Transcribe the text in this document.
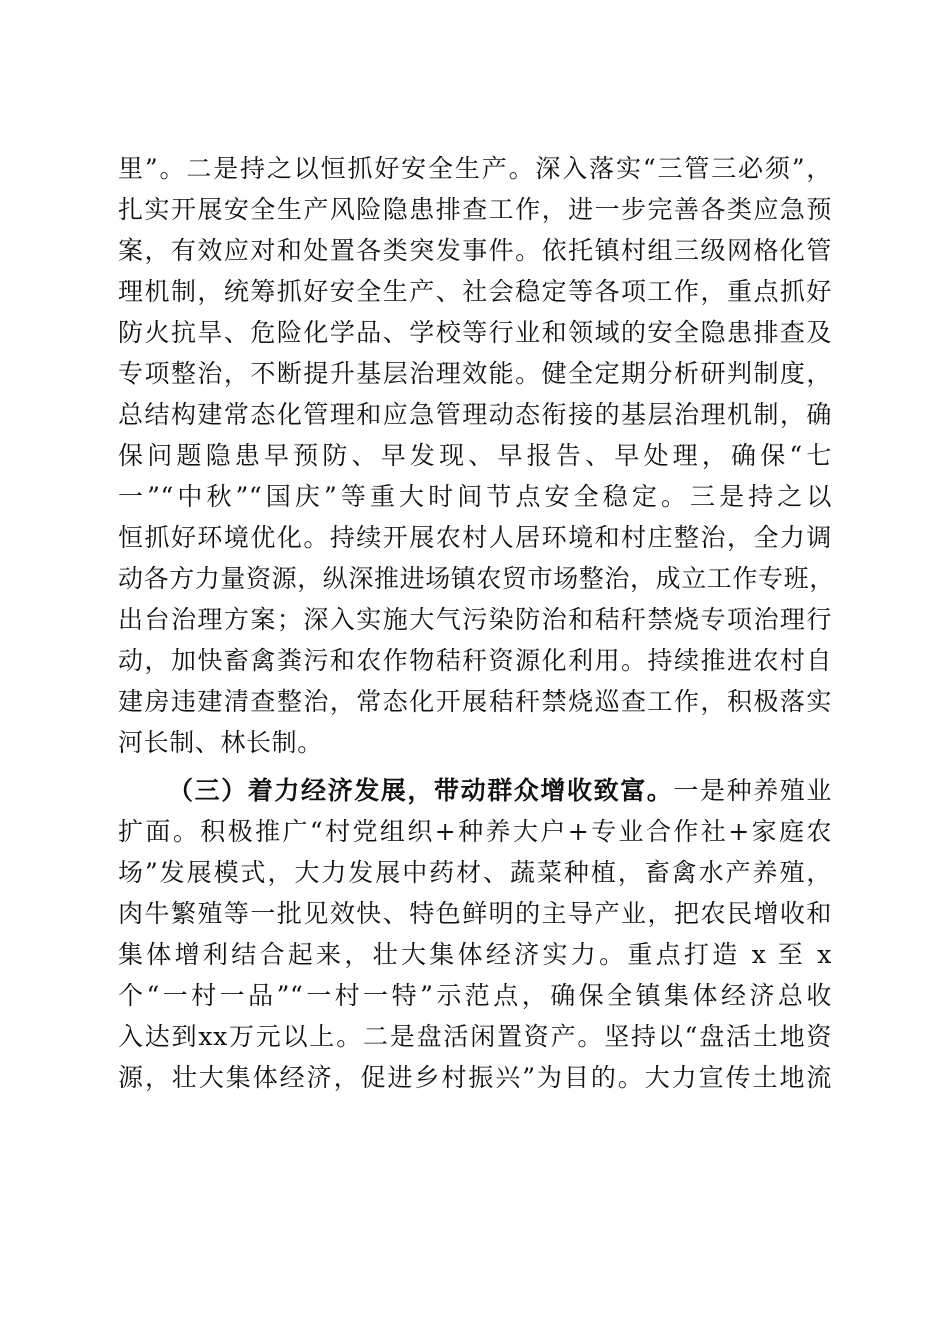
里”。二是持之以恒抓好安全生产。深入落实“三管三必须”，
扎实开展安全生产风险隐患排查工作，进一步完善各类应急预
案，有效应对和处置各类突发事件。依托镇村组三级网格化管
理机制，统筹抓好安全生产、社会稳定等各项工作，重点抓好
防火抗旱、危险化学品、学校等行业和领域的安全隐患排查及
专项整治，不断提升基层治理效能。健全定期分析研判制度，
总结构建常态化管理和应急管理动态衔接的基层治理机制，确
保问题隐患早预防、早发现、早报告、早处理，确保“七
一”“中秋”“国庆”等重大时间节点安全稳定。三是持之以
恒抓好环境优化。持续开展农村人居环境和村庄整治，全力调
动各方力量资源，纵深推进场镇农贸市场整治，成立工作专班，
出台治理方案；深入实施大气污染防治和秸秆禁烧专项治理行
动，加快畜禽粪污和农作物秸秆资源化利用。持续推进农村自
建房违建清查整治，常态化开展秸秆禁烧巡查工作，积极落实
河长制、林长制。
（三）着力经济发展，带动群众增收致富。一是种养殖业
扩面。积极推广“村党组织+种养大户+专业合作社+家庭农
场”发展模式，大力发展中药材、蔬菜种植，畜禽水产养殖，
肉牛繁殖等一批见效快、特色鲜明的主导产业，把农民增收和
集体增利结合起来，壮大集体经济实力。重点打造 x 至 x
个“一村一品”“一村一特”示范点，确保全镇集体经济总收
入达到xx万元以上。二是盘活闲置资产。坚持以“盘活土地资
源，壮大集体经济，促进乡村振兴”为目的。大力宣传土地流
